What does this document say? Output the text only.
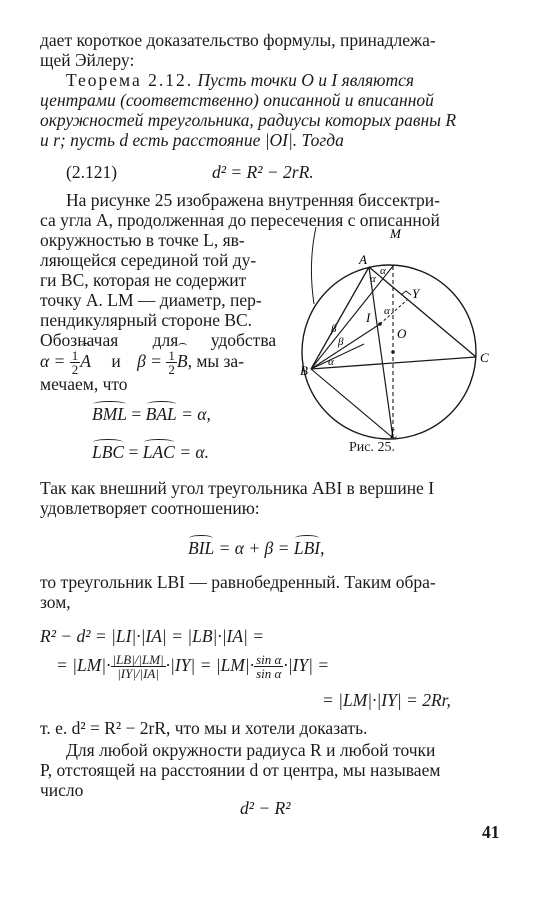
дает короткое доказательство формулы, принадлежа-
щей Эйлеру:
Теорема 2.12. Пусть точки O и I являются
центрами (соответственно) описанной и вписанной
окружностей треугольника, радиусы которых равны R
и r; пусть d есть расстояние |OI|. Тогда
(2.121)	d² = R² − 2rR.
На рисунке 25 изображена внутренняя биссектри-
са угла A, продолженная до пересечения с описанной
окружностью в точке L, яв-
ляющейся серединой той ду-
ги BC, которая не содержит
точку A. LM — диаметр, пер-
пендикулярный стороне BC.
Обозначая для удобства
$\alpha = \frac{1}{2}$ A и $\beta = \frac{1}{2} B$, мы за-
мечаем, что
BML = BAL = α,
LBC = LAC = α.
A
M
B
C
L
I
O
Y
α
α
α
β
β
α
Рис. 25.
Так как внешний угол треугольника ABI в вершине I
удовлетворяет соотношению:
BIL = α + β = LBI,
то треугольник LBI — равнобедренный. Таким обра-
зом,
R² − d² = |LI|·|IA| = |LB|·|IA| =
= $|LM|\cdot \frac{|LB|/|LM|}{|IY|/|IA|} \cdot|IY| = |LM|\cdot \frac{\text{sin α}}{\text{sin α}} \cdot|IY|$ =
= |LM|·|IY| = 2Rr,
т. е. d² = R² − 2rR, что мы и хотели доказать.
Для любой окружности радиуса R и любой точки
P, отстоящей на расстоянии d от центра, мы называем
число
d² − R²
41
